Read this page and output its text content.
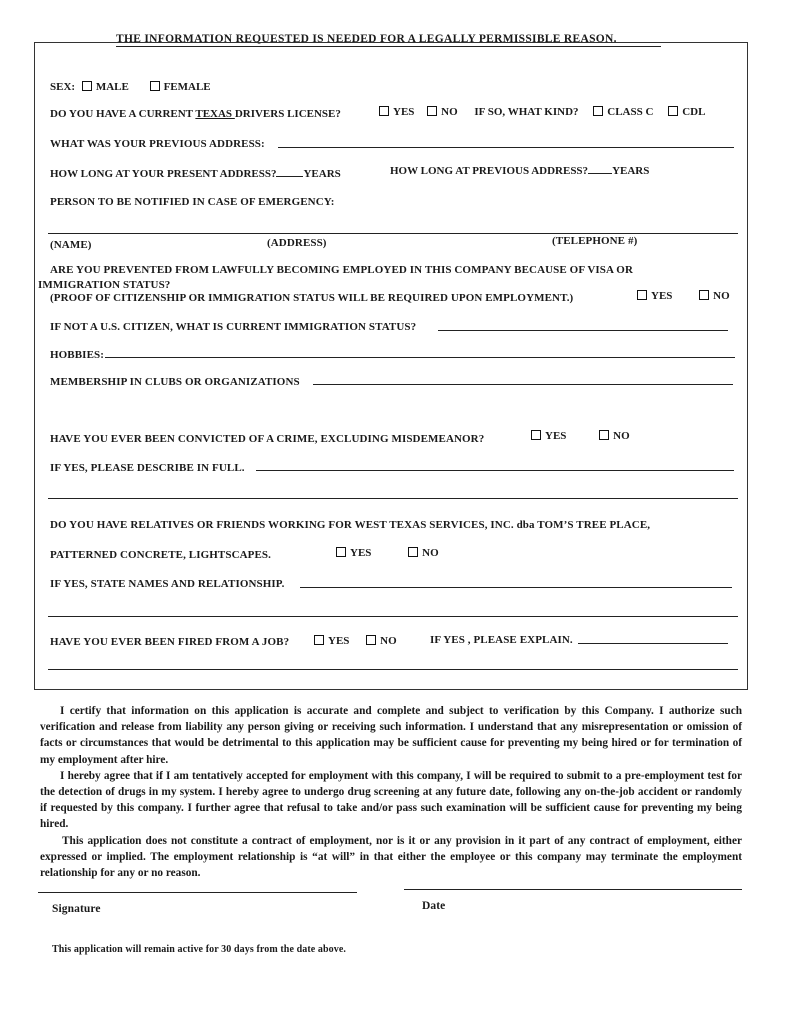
THE INFORMATION REQUESTED IS NEEDED FOR A LEGALLY PERMISSIBLE REASON.
SEX: MALE	FEMALE
DO YOU HAVE A CURRENT TEXAS DRIVERS LICENSE?	YES NO IF SO, WHAT KIND?	CLASS C	CDL
WHAT WAS YOUR PREVIOUS ADDRESS:
HOW LONG AT YOUR PRESENT ADDRESS? YEARS	HOW LONG AT PREVIOUS ADDRESS? YEARS
PERSON TO BE NOTIFIED IN CASE OF EMERGENCY:
(NAME)	(ADDRESS)	(TELEPHONE #)
ARE YOU PREVENTED FROM LAWFULLY BECOMING EMPLOYED IN THIS COMPANY BECAUSE OF VISA OR
IMMIGRATION STATUS?
(PROOF OF CITIZENSHIP OR IMMIGRATION STATUS WILL BE REQUIRED UPON EMPLOYMENT.)	YES	NO
IF NOT A U.S. CITIZEN, WHAT IS CURRENT IMMIGRATION STATUS?
HOBBIES:
MEMBERSHIP IN CLUBS OR ORGANIZATIONS
HAVE YOU EVER BEEN CONVICTED OF A CRIME, EXCLUDING MISDEMEANOR?	YES	NO
IF YES, PLEASE DESCRIBE IN FULL.
DO YOU HAVE RELATIVES OR FRIENDS WORKING FOR WEST TEXAS SERVICES, INC. dba TOM’S TREE PLACE,
PATTERNED CONCRETE, LIGHTSCAPES.	YES	NO
IF YES, STATE NAMES AND RELATIONSHIP.
HAVE YOU EVER BEEN FIRED FROM A JOB?	YES	NO	IF YES , PLEASE EXPLAIN.

I certify that information on this application is accurate and complete and subject to verification by this Company. I authorize such verification and release from liability any person giving or receiving such information. I understand that any misrepresentation or omission of facts or circumstances that would be detrimental to this application may be sufficient cause for preventing my being hired or for termination of my employment after hire.

I hereby agree that if I am tentatively accepted for employment with this company, I will be required to submit to a pre-employment test for the detection of drugs in my system. I hereby agree to undergo drug screening at any future date, following any on-the-job accident or randomly if requested by this company. I further agree that refusal to take and/or pass such examination will be sufficient cause for preventing my being hired.

This application does not constitute a contract of employment, nor is it or any provision in it part of any contract of employment, either expressed or implied. The employment relationship is “at will” in that either the employee or this company may terminate the employment relationship for any or no reason.

Signature	Date
This application will remain active for 30 days from the date above.
